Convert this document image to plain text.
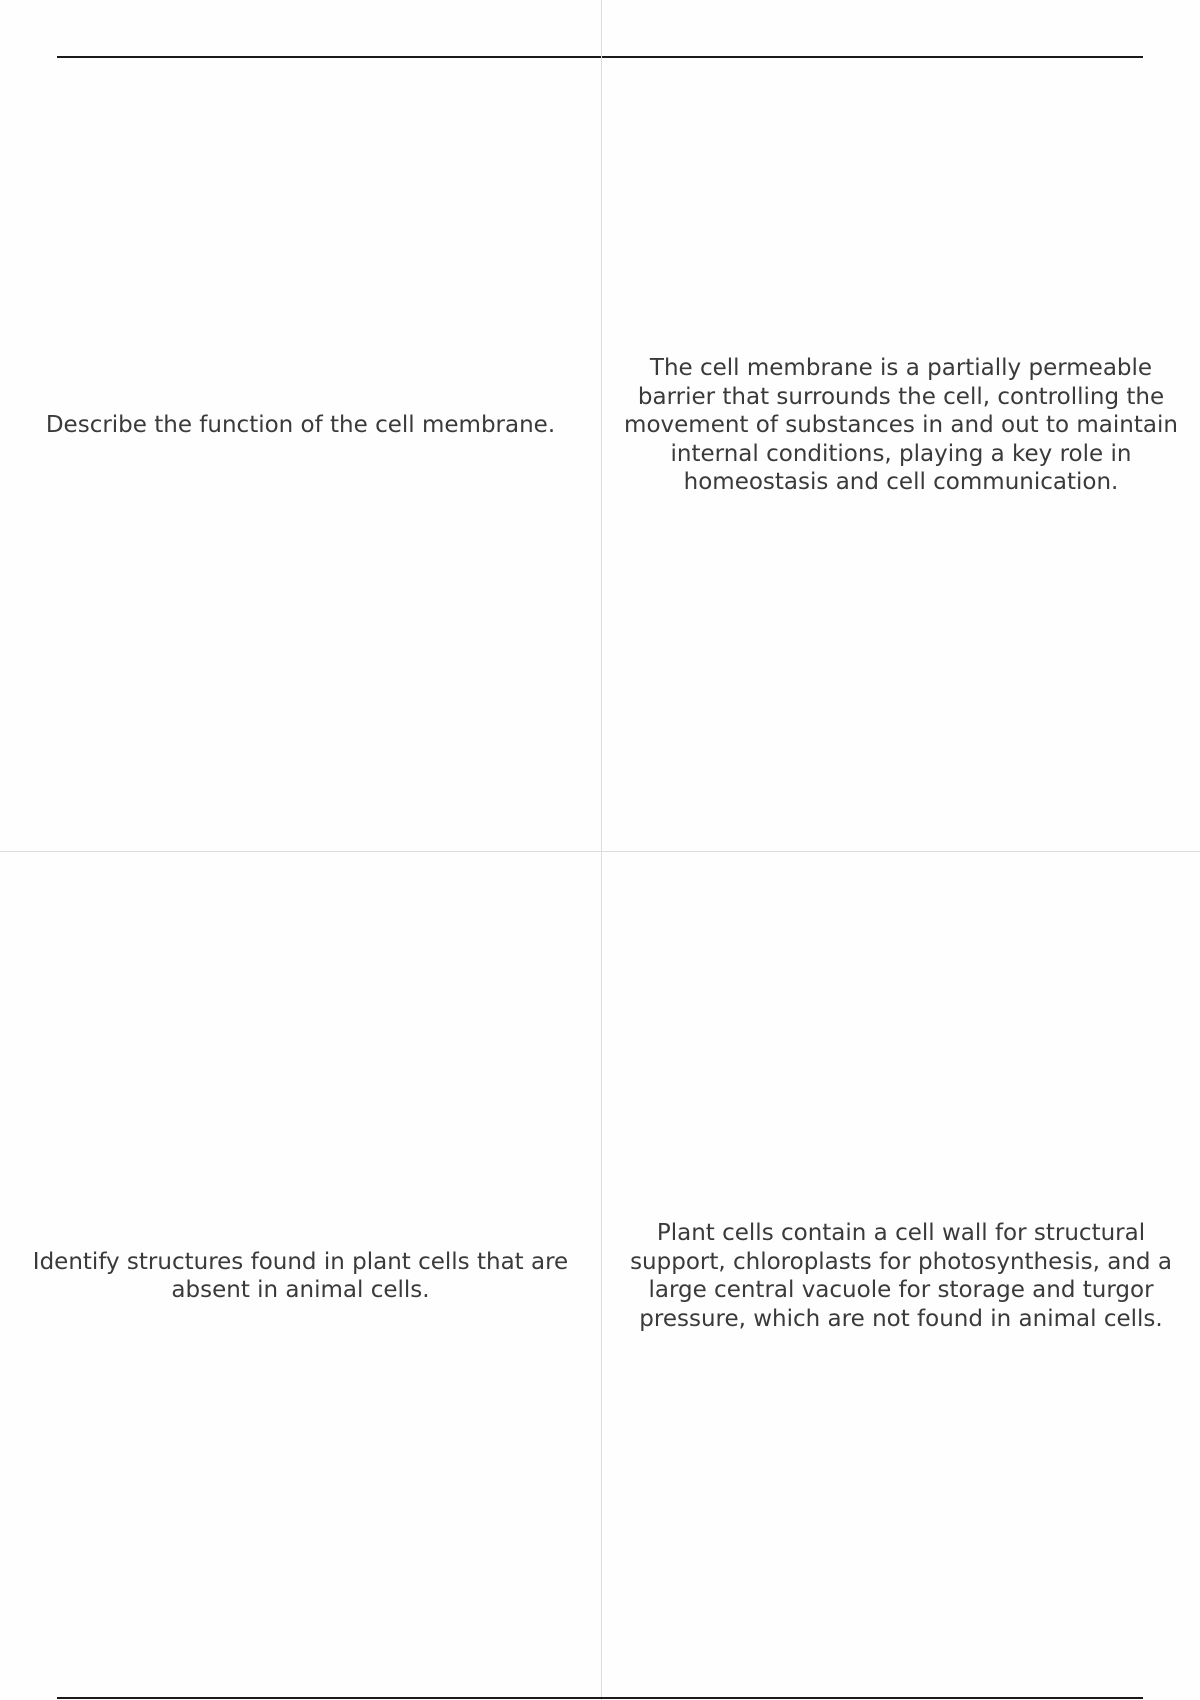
Describe the function of the cell membrane.
The cell membrane is a partially permeable barrier that surrounds the cell, controlling the movement of substances in and out to maintain internal conditions, playing a key role in homeostasis and cell communication.
Identify structures found in plant cells that are absent in animal cells.
Plant cells contain a cell wall for structural support, chloroplasts for photosynthesis, and a large central vacuole for storage and turgor pressure, which are not found in animal cells.
